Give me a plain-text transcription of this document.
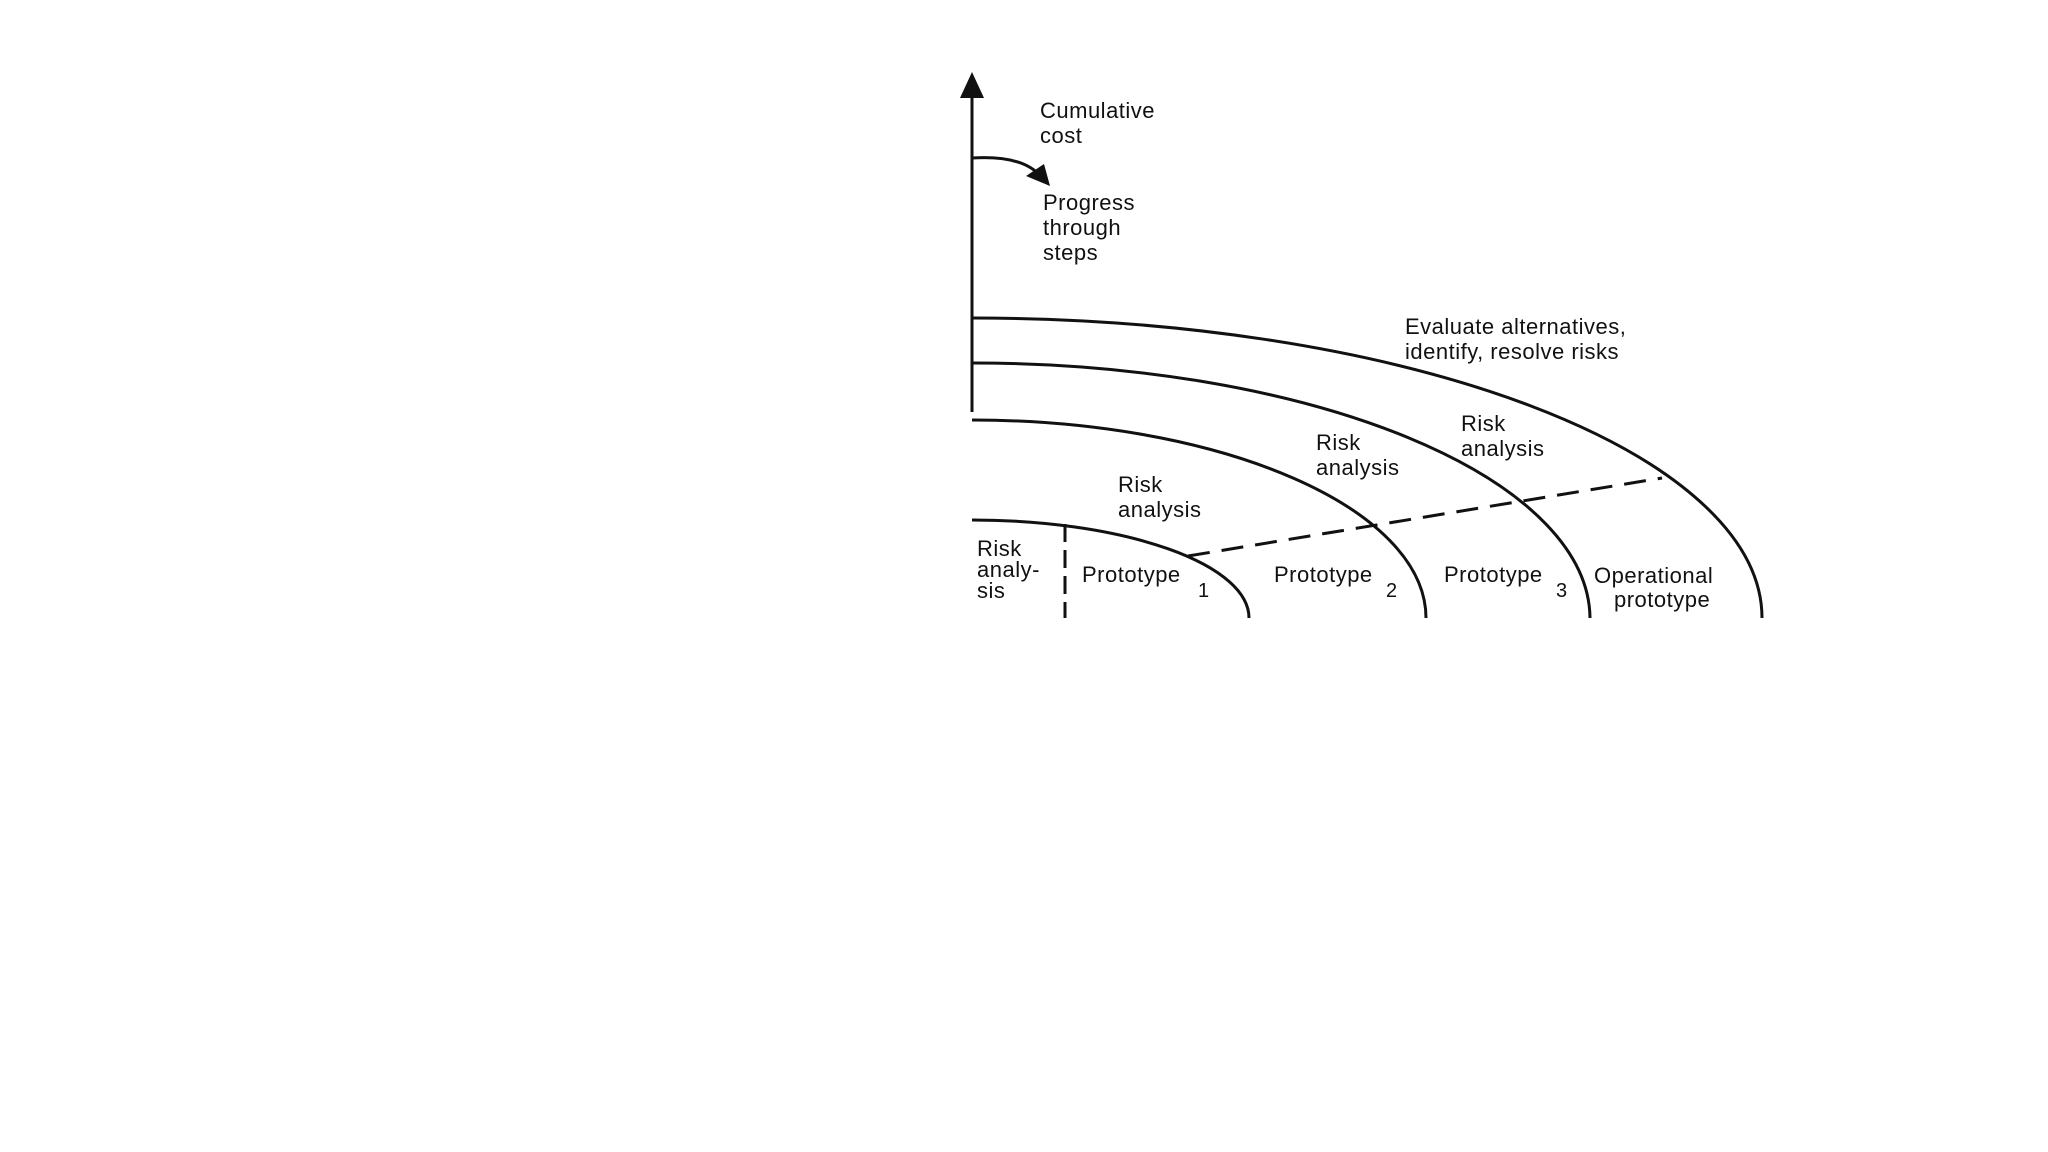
Cumulative
cost
Progress
through
steps
Evaluate alternatives,
identify, resolve risks
Risk
analysis
Risk
analysis
Risk
analysis
Risk
analy-
sis
Prototype
1
Prototype
2
Prototype
3
Operational
prototype
